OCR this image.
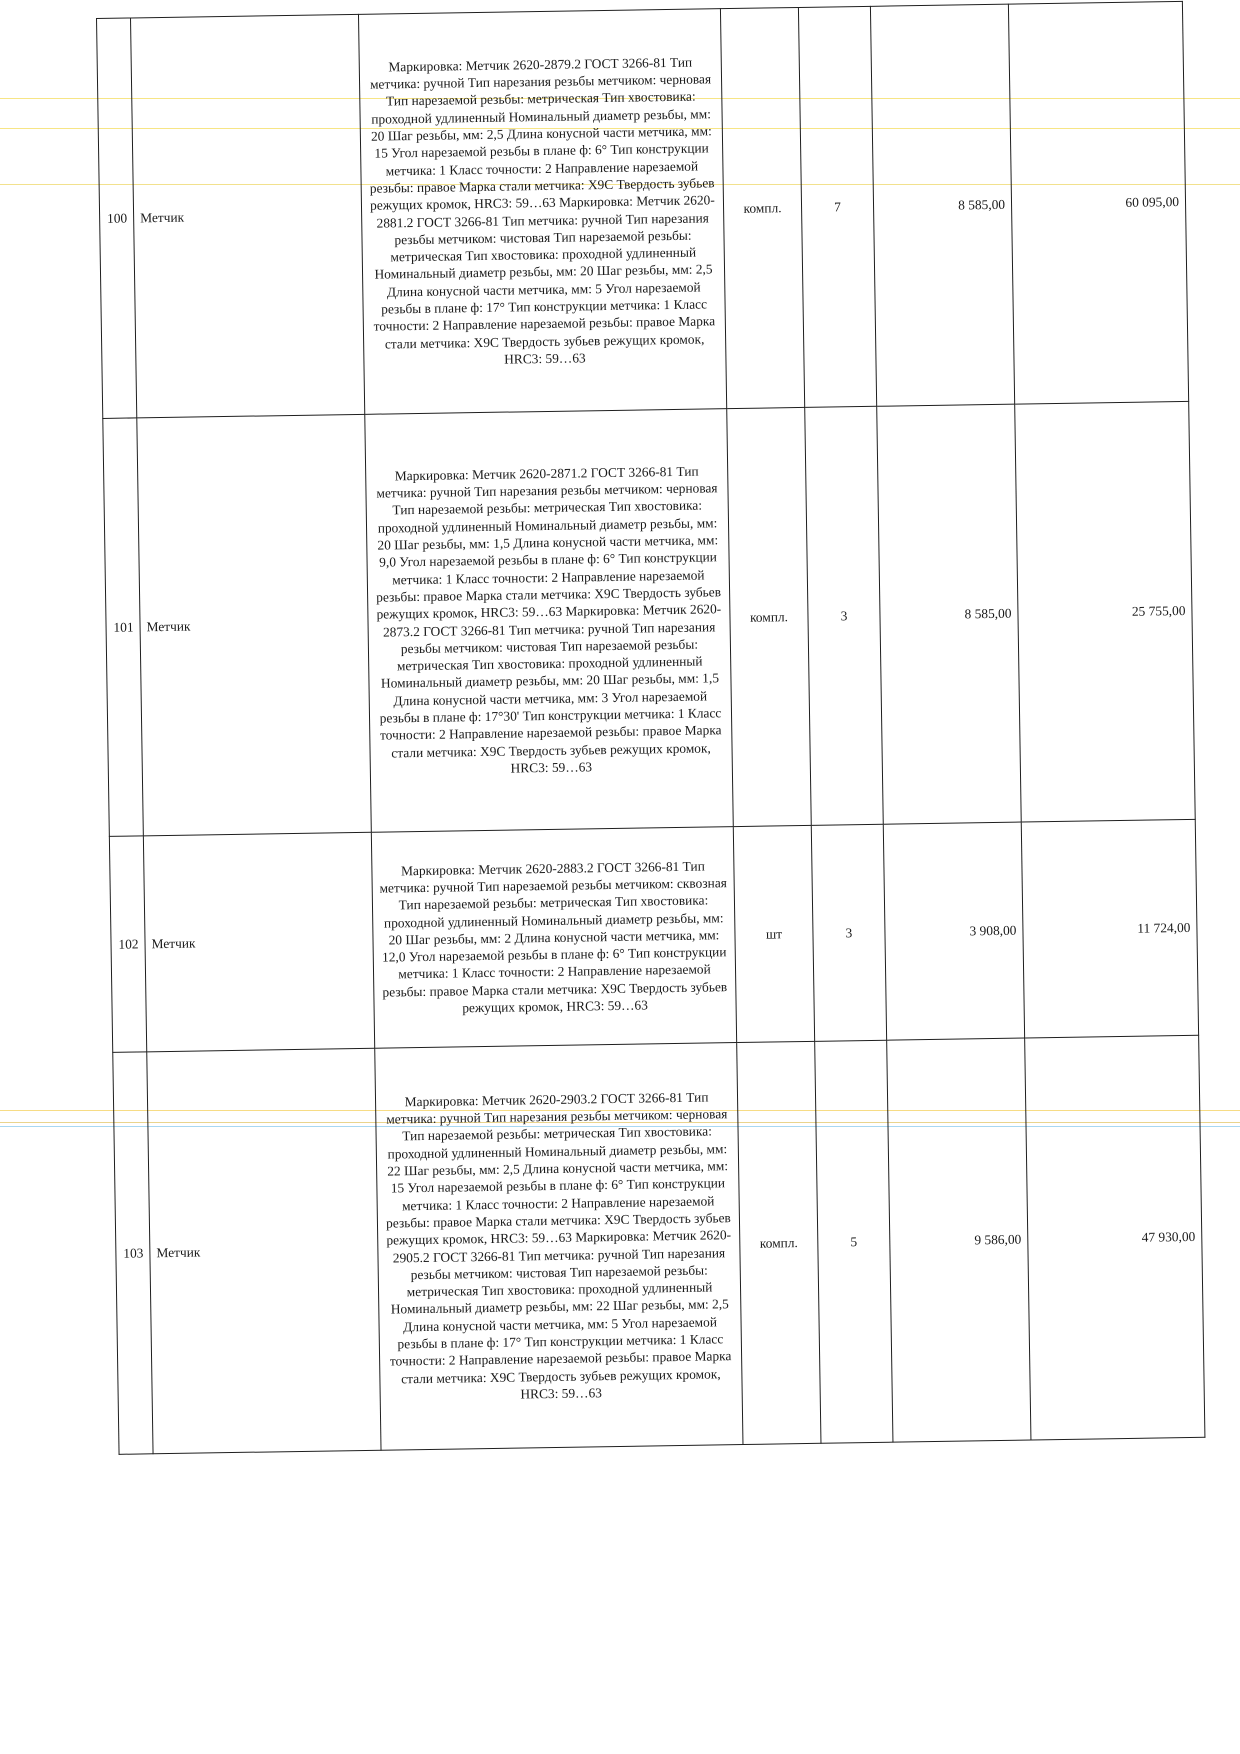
100	Метчик	Маркировка: Метчик 2620-2879.2 ГОСТ 3266-81 Тип метчика: ручной Тип нарезания резьбы метчиком: черновая Тип нарезаемой резьбы: метрическая Тип хвостовика: проходной удлиненный Номинальный диаметр резьбы, мм: 20 Шаг резьбы, мм: 2,5 Длина конусной части метчика, мм: 15 Угол нарезаемой резьбы в плане ф: 6° Тип конструкции метчика: 1 Класс точности: 2 Направление нарезаемой резьбы: правое Марка стали метчика: Х9С Твердость зубьев режущих кромок, HRC3: 59…63 Маркировка: Метчик 2620-2881.2 ГОСТ 3266-81 Тип метчика: ручной Тип нарезания резьбы метчиком: чистовая Тип нарезаемой резьбы: метрическая Тип хвостовика: проходной удлиненный Номинальный диаметр резьбы, мм: 20 Шаг резьбы, мм: 2,5 Длина конусной части метчика, мм: 5 Угол нарезаемой резьбы в плане ф: 17° Тип конструкции метчика: 1 Класс точности: 2 Направление нарезаемой резьбы: правое Марка стали метчика: Х9С Твердость зубьев режущих кромок, HRC3: 59…63	компл.	7	8 585,00	60 095,00
101	Метчик	Маркировка: Метчик 2620-2871.2 ГОСТ 3266-81 Тип метчика: ручной Тип нарезания резьбы метчиком: черновая Тип нарезаемой резьбы: метрическая Тип хвостовика: проходной удлиненный Номинальный диаметр резьбы, мм: 20 Шаг резьбы, мм: 1,5 Длина конусной части метчика, мм: 9,0 Угол нарезаемой резьбы в плане ф: 6° Тип конструкции метчика: 1 Класс точности: 2 Направление нарезаемой резьбы: правое Марка стали метчика: Х9С Твердость зубьев режущих кромок, HRC3: 59…63 Маркировка: Метчик 2620-2873.2 ГОСТ 3266-81 Тип метчика: ручной Тип нарезания резьбы метчиком: чистовая Тип нарезаемой резьбы: метрическая Тип хвостовика: проходной удлиненный Номинальный диаметр резьбы, мм: 20 Шаг резьбы, мм: 1,5 Длина конусной части метчика, мм: 3 Угол нарезаемой резьбы в плане ф: 17°30' Тип конструкции метчика: 1 Класс точности: 2 Направление нарезаемой резьбы: правое Марка стали метчика: Х9С Твердость зубьев режущих кромок, HRC3: 59…63	компл.	3	8 585,00	25 755,00
102	Метчик	Маркировка: Метчик 2620-2883.2 ГОСТ 3266-81 Тип метчика: ручной Тип нарезаемой резьбы метчиком: сквозная Тип нарезаемой резьбы: метрическая Тип хвостовика: проходной удлиненный Номинальный диаметр резьбы, мм: 20 Шаг резьбы, мм: 2 Длина конусной части метчика, мм: 12,0 Угол нарезаемой резьбы в плане ф: 6° Тип конструкции метчика: 1 Класс точности: 2 Направление нарезаемой резьбы: правое Марка стали метчика: Х9С Твердость зубьев режущих кромок, HRC3: 59…63	шт	3	3 908,00	11 724,00
103	Метчик	Маркировка: Метчик 2620-2903.2 ГОСТ 3266-81 Тип метчика: ручной Тип нарезания резьбы метчиком: черновая Тип нарезаемой резьбы: метрическая Тип хвостовика: проходной удлиненный Номинальный диаметр резьбы, мм: 22 Шаг резьбы, мм: 2,5 Длина конусной части метчика, мм: 15 Угол нарезаемой резьбы в плане ф: 6° Тип конструкции метчика: 1 Класс точности: 2 Направление нарезаемой резьбы: правое Марка стали метчика: Х9С Твердость зубьев режущих кромок, HRC3: 59…63 Маркировка: Метчик 2620-2905.2 ГОСТ 3266-81 Тип метчика: ручной Тип нарезания резьбы метчиком: чистовая Тип нарезаемой резьбы: метрическая Тип хвостовика: проходной удлиненный Номинальный диаметр резьбы, мм: 22 Шаг резьбы, мм: 2,5 Длина конусной части метчика, мм: 5 Угол нарезаемой резьбы в плане ф: 17° Тип конструкции метчика: 1 Класс точности: 2 Направление нарезаемой резьбы: правое Марка стали метчика: Х9С Твердость зубьев режущих кромок, HRC3: 59…63	компл.	5	9 586,00	47 930,00
